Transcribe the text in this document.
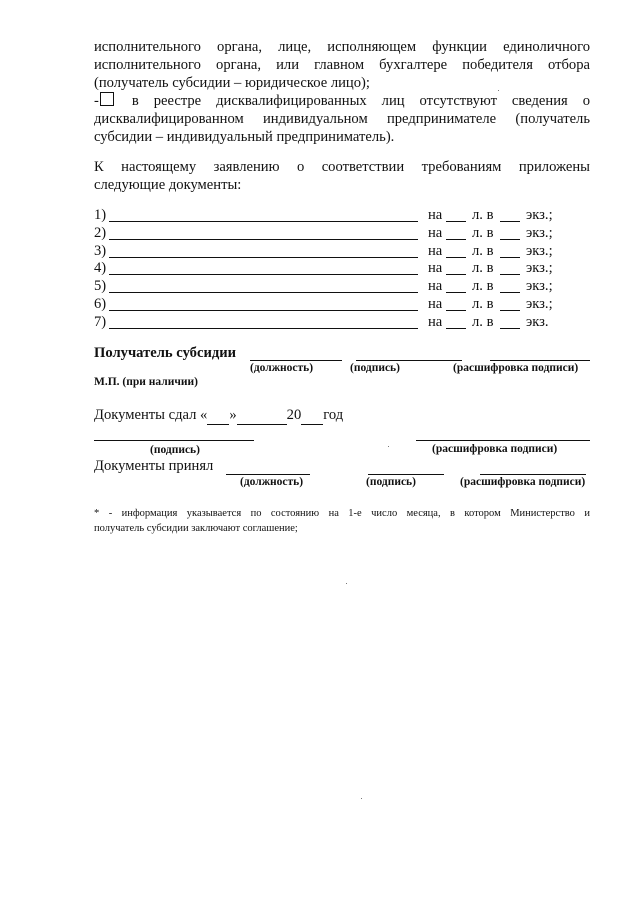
исполнительного органа, лице, исполняющем функции единоличного
исполнительного органа, или главном бухгалтере победителя отбора
(получатель субсидии – юридическое лицо);
- в реестре дисквалифицированных лиц отсутствуют сведения о
дисквалифицированном индивидуальном предпринимателе (получатель
субсидии – индивидуальный предприниматель).
К настоящему заявлению о соответствии требованиям приложены
следующие документы:
1)	на л. в экз.;
2)	на л. в экз.;
3)	на л. в экз.;
4)	на л. в экз.;
5)	на л. в экз.;
6)	на л. в экз.;
7)	на л. в экз.
Получатель субсидии
(должность)	(подпись)	(расшифровка подписи)
М.П. (при наличии)
Документы сдал « »	20 год
(подпись)	(расшифровка подписи)
Документы принял
(должность)	(подпись)	(расшифровка подписи)
* - информация указывается по состоянию на 1-е число месяца, в котором Министерство и
получатель субсидии заключают соглашение;
